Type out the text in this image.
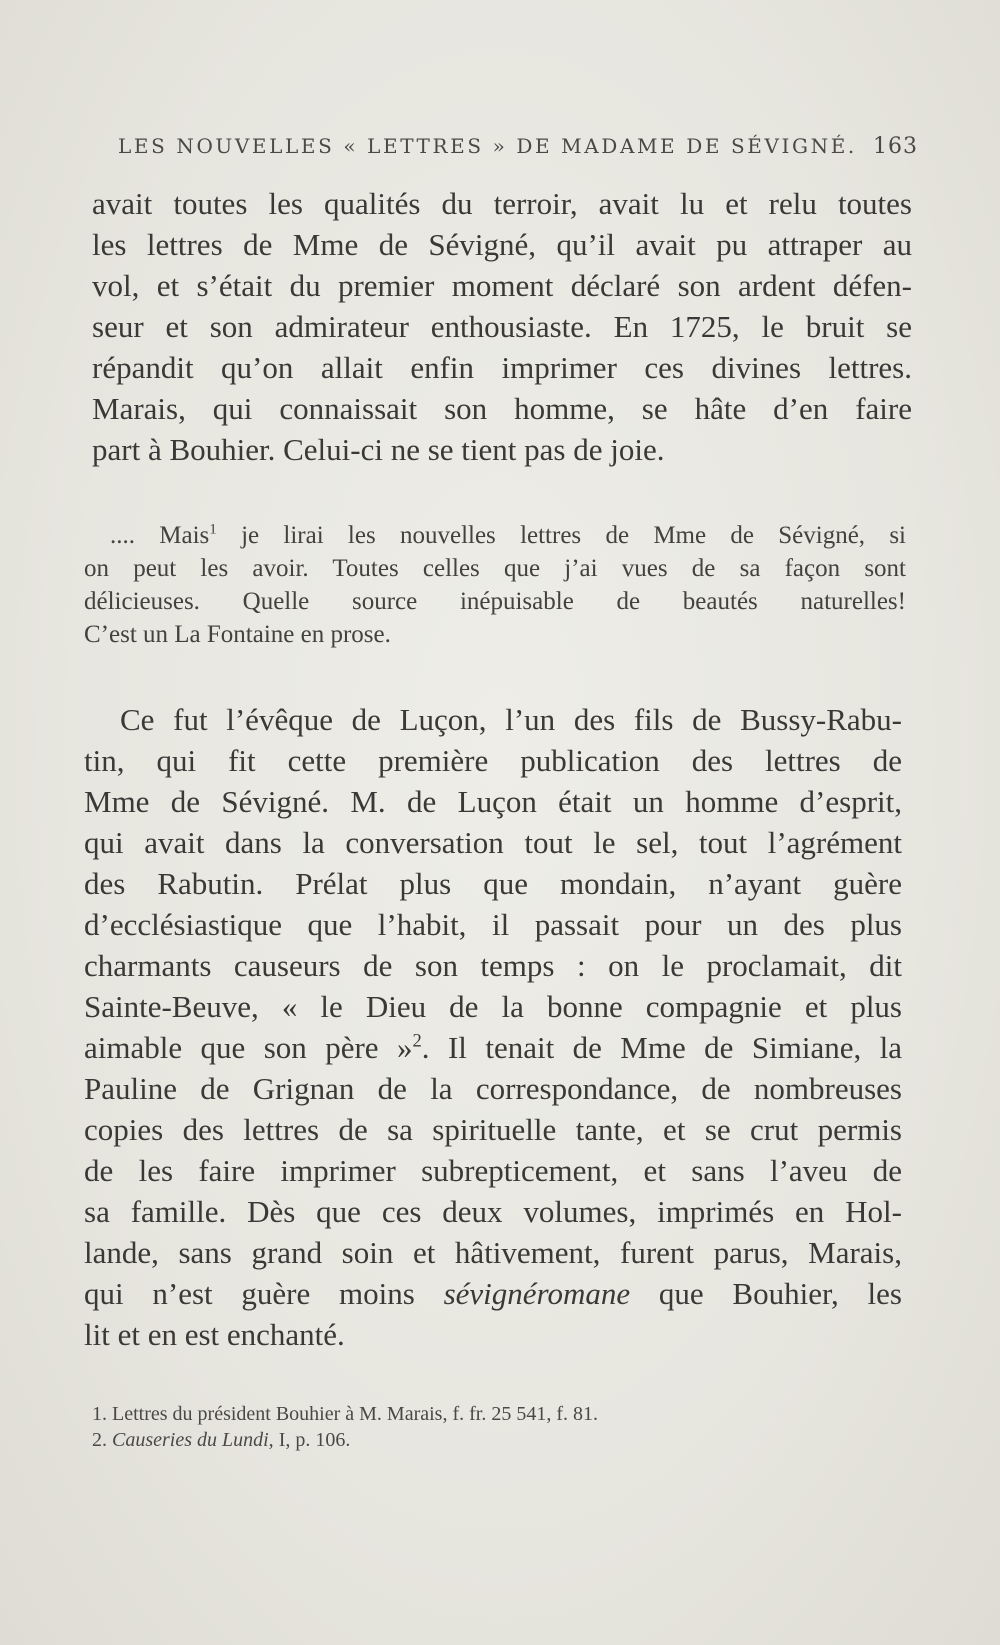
LES NOUVELLES « LETTRES » DE MADAME DE SÉVIGNÉ. 163
avait toutes les qualités du terroir, avait lu et relu toutes
les lettres de Mme de Sévigné, qu’il avait pu attraper au
vol, et s’était du premier moment déclaré son ardent défen-
seur et son admirateur enthousiaste. En 1725, le bruit se
répandit qu’on allait enfin imprimer ces divines lettres.
Marais, qui connaissait son homme, se hâte d’en faire
part à Bouhier. Celui-ci ne se tient pas de joie.
.... Mais$^1$ je lirai les nouvelles lettres de Mme de Sévigné, si
on peut les avoir. Toutes celles que j’ai vues de sa façon sont
délicieuses. Quelle source inépuisable de beautés naturelles!
C’est un La Fontaine en prose.
Ce fut l’évêque de Luçon, l’un des fils de Bussy-Rabu-
tin, qui fit cette première publication des lettres de
Mme de Sévigné. M. de Luçon était un homme d’esprit,
qui avait dans la conversation tout le sel, tout l’agrément
des Rabutin. Prélat plus que mondain, n’ayant guère
d’ecclésiastique que l’habit, il passait pour un des plus
charmants causeurs de son temps : on le proclamait, dit
Sainte-Beuve, « le Dieu de la bonne compagnie et plus
aimable que son père »$^2$. Il tenait de Mme de Simiane, la
Pauline de Grignan de la correspondance, de nombreuses
copies des lettres de sa spirituelle tante, et se crut permis
de les faire imprimer subrepticement, et sans l’aveu de
sa famille. Dès que ces deux volumes, imprimés en Hol-
lande, sans grand soin et hâtivement, furent parus, Marais,
qui n’est guère moins sévignéromane que Bouhier, les
lit et en est enchanté.
1. Lettres du président Bouhier à M. Marais, f. fr. 25 541, f. 81.
2. Causeries du Lundi, I, p. 106.
